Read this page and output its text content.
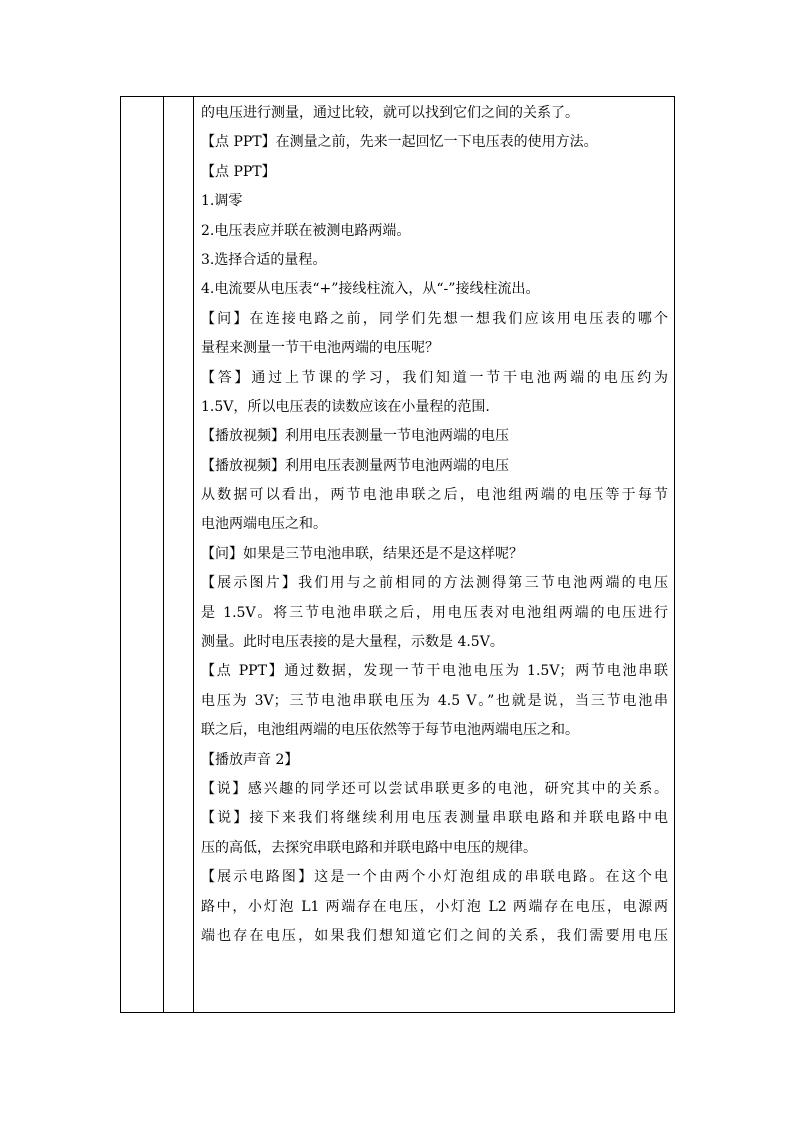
的电压进行测量，通过比较，就可以找到它们之间的关系了。
【点 PPT】在测量之前，先来一起回忆一下电压表的使用方法。
【点 PPT】
1.调零
2.电压表应并联在被测电路两端。
3.选择合适的量程。
4.电流要从电压表“+”接线柱流入，从“-”接线柱流出。
【问】在连接电路之前，同学们先想一想我们应该用电压表的哪个
量程来测量一节干电池两端的电压呢？
【答】通过上节课的学习，我们知道一节干电池两端的电压约为
1.5V，所以电压表的读数应该在小量程的范围.
【播放视频】利用电压表测量一节电池两端的电压
【播放视频】利用电压表测量两节电池两端的电压
从数据可以看出，两节电池串联之后，电池组两端的电压等于每节
电池两端电压之和。
【问】如果是三节电池串联，结果还是不是这样呢？
【展示图片】我们用与之前相同的方法测得第三节电池两端的电压
是 1.5V。将三节电池串联之后，用电压表对电池组两端的电压进行
测量。此时电压表接的是大量程，示数是 4.5V。
【点 PPT】通过数据，发现一节干电池电压为 1.5V；两节电池串联
电压为 3V；三节电池串联电压为 4.5 V。”也就是说，当三节电池串
联之后，电池组两端的电压依然等于每节电池两端电压之和。
【播放声音 2】
【说】感兴趣的同学还可以尝试串联更多的电池，研究其中的关系。
【说】接下来我们将继续利用电压表测量串联电路和并联电路中电
压的高低，去探究串联电路和并联电路中电压的规律。
【展示电路图】这是一个由两个小灯泡组成的串联电路。在这个电
路中，小灯泡 L1 两端存在电压，小灯泡 L2 两端存在电压，电源两
端也存在电压，如果我们想知道它们之间的关系，我们需要用电压
